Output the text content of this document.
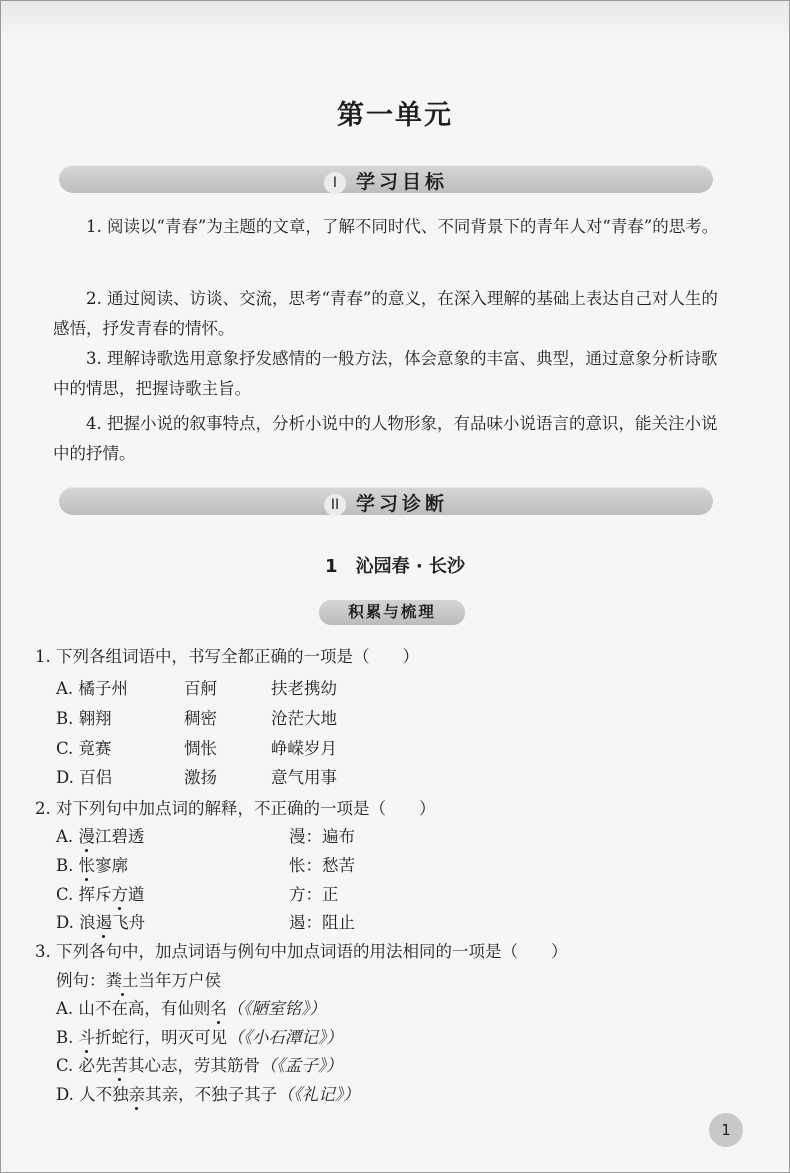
第一单元
I 学习目标
1. 阅读以“青春”为主题的文章，了解不同时代、不同背景下的青年人对“青春”的思考。
2. 通过阅读、访谈、交流，思考“青春”的意义，在深入理解的基础上表达自己对人生的感悟，抒发青春的情怀。
3. 理解诗歌选用意象抒发感情的一般方法，体会意象的丰富、典型，通过意象分析诗歌中的情思，把握诗歌主旨。
4. 把握小说的叙事特点，分析小说中的人物形象，有品味小说语言的意识，能关注小说中的抒情。
II 学习诊断
1　沁园春 · 长沙
积累与梳理
1. 下列各组词语中，书写全都正确的一项是（　　）
A. 橘子州	百舸	扶老携幼
B. 翱翔	稠密	沧茫大地
C. 竟赛	惆怅	峥嵘岁月
D. 百侣	激扬	意气用事
2. 对下列句中加点词的解释，不正确的一项是（　　）
A. 漫江碧透	漫：遍布
B. 怅寥廓	怅：愁苦
C. 挥斥方遒	方：正
D. 浪遏飞舟	遏：阻止
3. 下列各句中，加点词语与例句中加点词语的用法相同的一项是（　　）
例句：粪土当年万户侯
A. 山不在高，有仙则名（《陋室铭》）
B. 斗折蛇行，明灭可见（《小石潭记》）
C. 必先苦其心志，劳其筋骨（《孟子》）
D. 人不独亲其亲，不独子其子（《礼记》）
1
